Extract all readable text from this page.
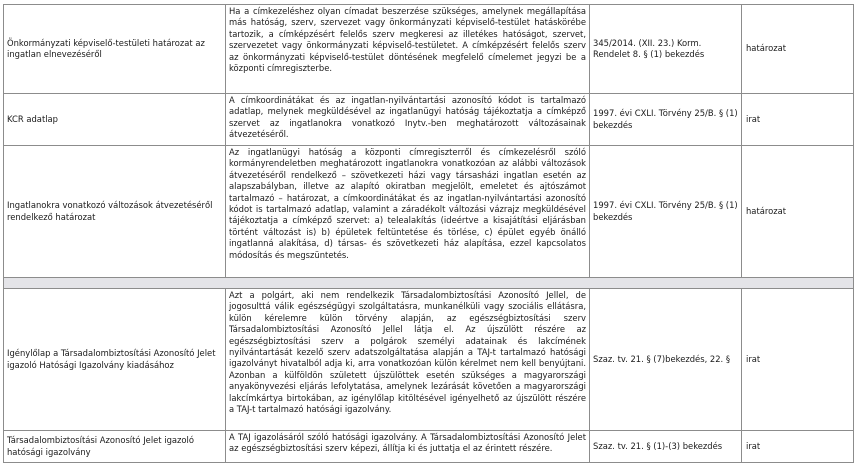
Önkormányzati képviselő-testületi határozat az ingatlan elnevezéséről	Ha a címkezeléshez olyan címadat beszerzése szükséges, amelynek megállapítása más hatóság, szerv, szervezet vagy önkormányzati képviselő-testület hatáskörébe tartozik, a címképzésért felelős szerv megkeresi az illetékes hatóságot, szervet, szervezetet vagy önkormányzati képviselő-testületet. A címképzésért felelős szerv az önkormányzati képviselő-testület döntésének megfelelő címelemet jegyzi be a központi címregiszterbe.	345/2014. (XII. 23.) Korm. Rendelet 8. § (1) bekezdés	határozat
KCR adatlap	A címkoordinátákat és az ingatlan-nyilvántartási azonosító kódot is tartalmazó adatlap, melynek megküldésével az ingatlanügyi hatóság tájékoztatja a címképző szervet az ingatlanokra vonatkozó Inytv.-ben meghatározott változásainak átvezetéséről.	1997. évi CXLI. Törvény 25/B. § (1) bekezdés	irat
Ingatlanokra vonatkozó változások átvezetéséről rendelkező határozat	Az ingatlanügyi hatóság a központi címregiszterről és címkezelésről szóló kormányrendeletben meghatározott ingatlanokra vonatkozóan az alábbi változások átvezetéséről rendelkező – szövetkezeti házi vagy társasházi ingatlan esetén az alapszabályban, illetve az alapító okiratban megjelölt, emeletet és ajtószámot tartalmazó – határozat, a címkoordinátákat és az ingatlan-nyilvántartási azonosító kódot is tartalmazó adatlap, valamint a záradékolt változási vázrajz megküldésével tájékoztatja a címképző szervet: a) telealakítás (ideértve a kisajátítási eljárásban történt változást is) b) épületek feltüntetése és törlése, c) épület egyéb önálló ingatlanná alakítása, d) társas- és szövetkezeti ház alapítása, ezzel kapcsolatos módosítás és megszüntetés.	1997. évi CXLI. Törvény 25/B. § (1) bekezdés	határozat

Igénylőlap a Társadalombiztosítási Azonosító Jelet igazoló Hatósági Igazolvány kiadásához	Azt a polgárt, aki nem rendelkezik Társadalombiztosítási Azonosító Jellel, de jogosulttá válik egészségügyi szolgáltatásra, munkanélküli vagy szociális ellátásra, külön kérelemre külön törvény alapján, az egészségbiztosítási szerv Társadalombiztosítási Azonosító Jellel látja el. Az újszülött részére az egészségbiztosítási szerv a polgárok személyi adatainak és lakcímének nyilvántartását kezelő szerv adatszolgáltatása alapján a TAJ-t tartalmazó hatósági igazolványt hivatalból adja ki, arra vonatkozóan külön kérelmet nem kell benyújtani. Azonban a külföldön született újszülöttek esetén szükséges a magyarországi anyakönyvezési eljárás lefolytatása, amelynek lezárását követően a magyarországi lakcímkártya birtokában, az igénylőlap kitöltésével igényelhető az újszülött részére a TAJ-t tartalmazó hatósági igazolvány.	Szaz. tv. 21. § (7)bekezdés, 22. §	irat
Társadalombiztosítási Azonosító Jelet igazoló hatósági igazolvány	A TAJ igazolásáról szóló hatósági igazolvány. A Társadalombiztosítási Azonosító Jelet az egészségbiztosítási szerv képezi, állítja ki és juttatja el az érintett részére.	Szaz. tv. 21. § (1)-(3) bekezdés	irat
